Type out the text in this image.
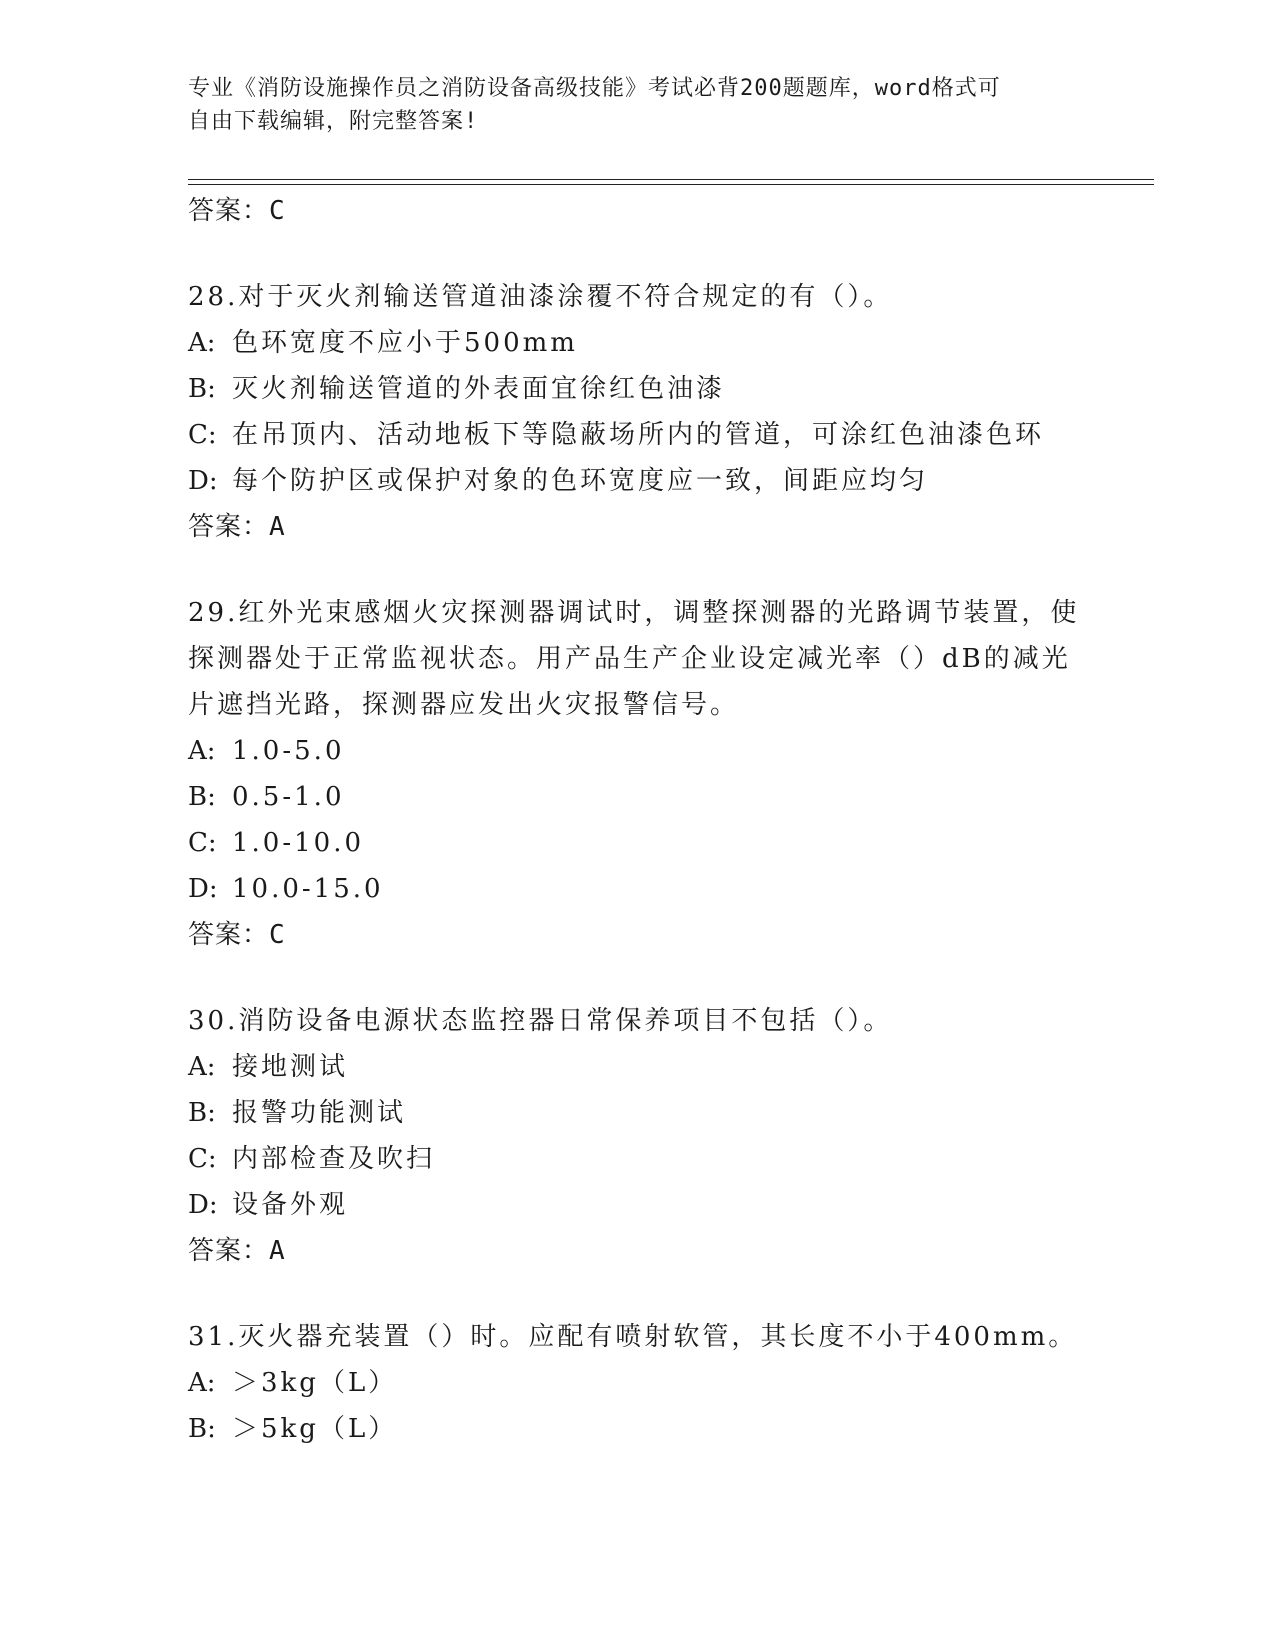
专业《消防设施操作员之消防设备高级技能》考试必背200题题库，word格式可
自由下载编辑，附完整答案!
答案：C
28.对于灭火剂输送管道油漆涂覆不符合规定的有（）。
A: 色环宽度不应小于500mm
B: 灭火剂输送管道的外表面宜徐红色油漆
C: 在吊顶内、活动地板下等隐蔽场所内的管道，可涂红色油漆色环
D: 每个防护区或保护对象的色环宽度应一致，间距应均匀
答案：A
29.红外光束感烟火灾探测器调试时，调整探测器的光路调节装置，使探测器处于正常监视状态。用产品生产企业设定减光率（）dB的减光片遮挡光路，探测器应发出火灾报警信号。
A: 1.0-5.0
B: 0.5-1.0
C: 1.0-10.0
D: 10.0-15.0
答案：C
30.消防设备电源状态监控器日常保养项目不包括（）。
A: 接地测试
B: 报警功能测试
C: 内部检查及吹扫
D: 设备外观
答案：A
31.灭火器充装置（）时。应配有喷射软管，其长度不小于400mm。
A: ＞3kg（L）
B: ＞5kg（L）
